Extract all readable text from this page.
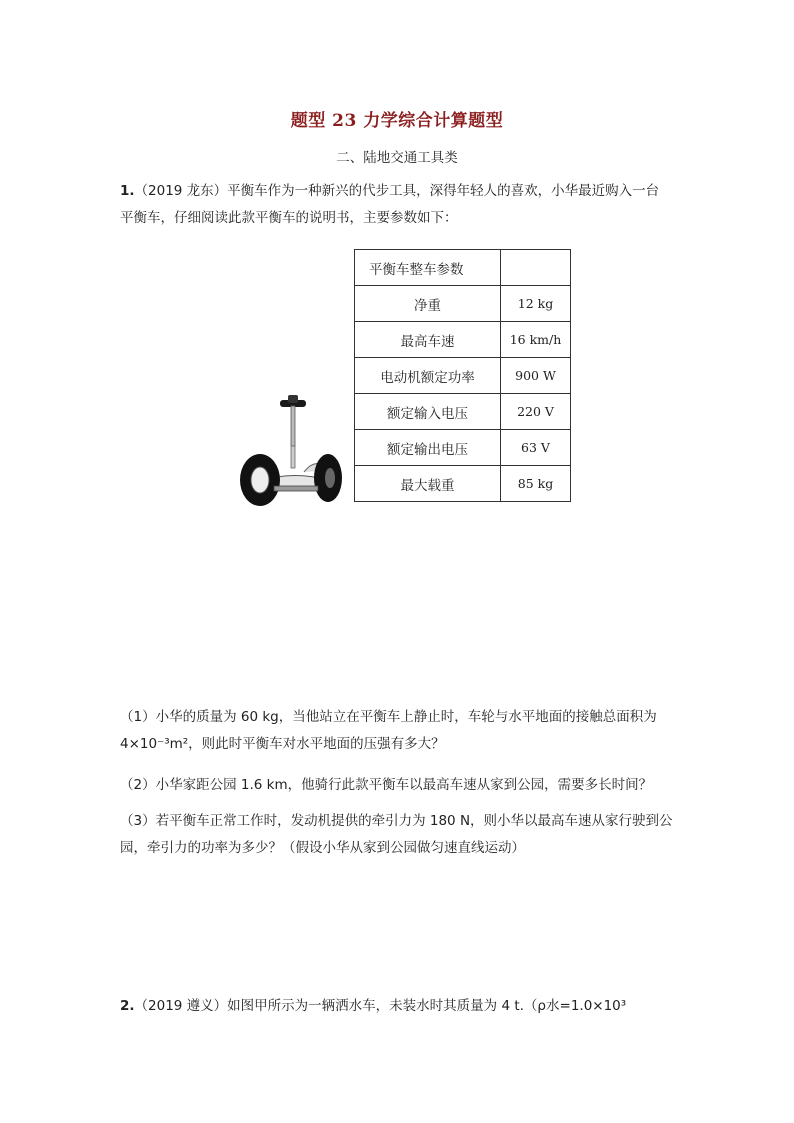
题型 23 力学综合计算题型
二、陆地交通工具类
1.（2019 龙东）平衡车作为一种新兴的代步工具，深得年轻人的喜欢，小华最近购入一台
平衡车，仔细阅读此款平衡车的说明书，主要参数如下：
平衡车整车参数	
净重	12 kg
最高车速	16 km/h
电动机额定功率	900 W
额定输入电压	220 V
额定输出电压	63 V
最大载重	85 kg
（1）小华的质量为 60 kg，当他站立在平衡车上静止时，车轮与水平地面的接触总面积为
4×10⁻³m²，则此时平衡车对水平地面的压强有多大？
（2）小华家距公园 1.6 km，他骑行此款平衡车以最高车速从家到公园，需要多长时间？
（3）若平衡车正常工作时，发动机提供的牵引力为 180 N，则小华以最高车速从家行驶到公
园，牵引力的功率为多少？（假设小华从家到公园做匀速直线运动）
2.（2019 遵义）如图甲所示为一辆洒水车，未装水时其质量为 4 t.（ρ水=1.0×10³
